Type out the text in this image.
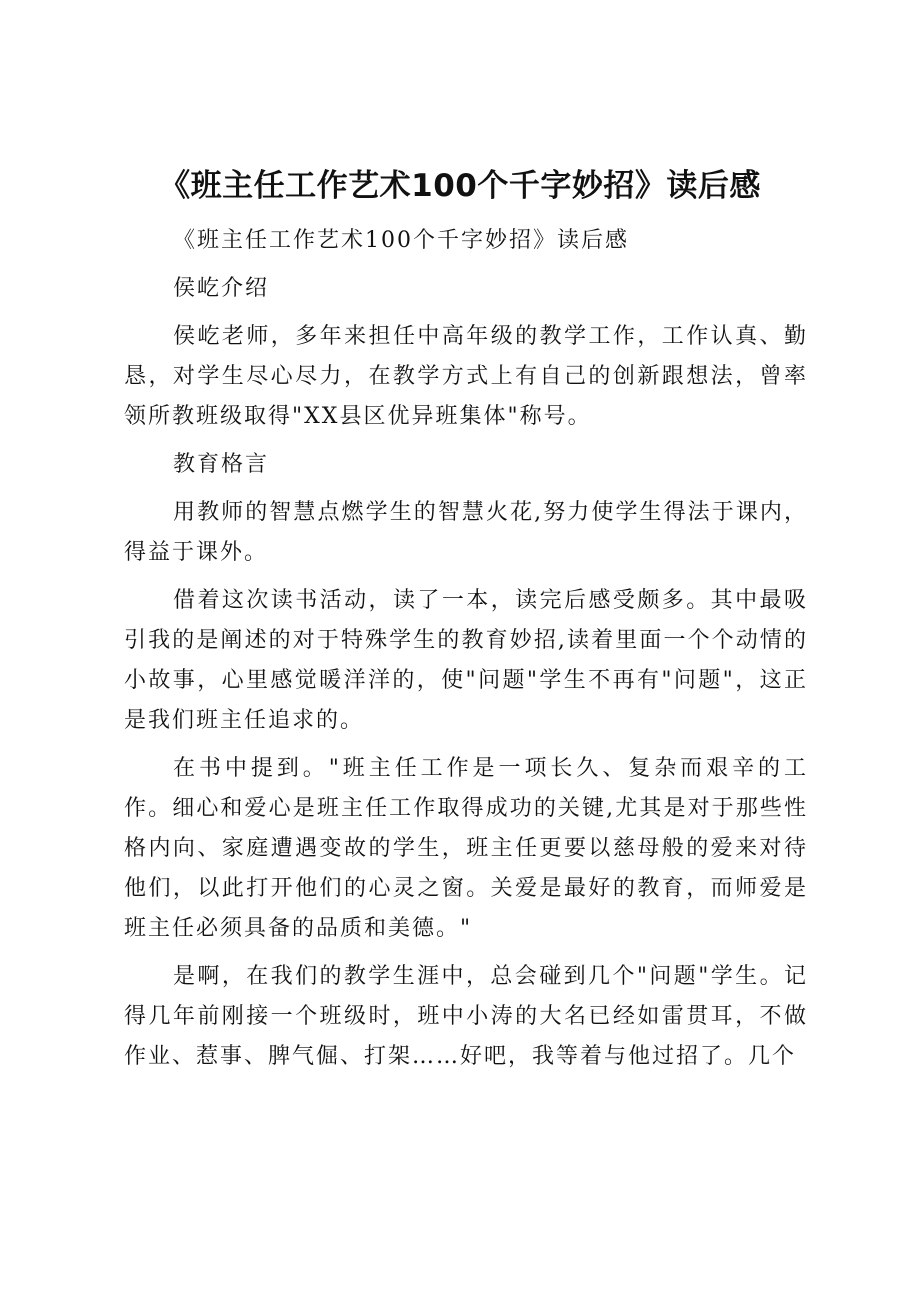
《班主任工作艺术100个千字妙招》读后感

《班主任工作艺术100个千字妙招》读后感

侯屹介绍

侯屹老师，多年来担任中高年级的教学工作，工作认真、勤恳，对学生尽心尽力，在教学方式上有自己的创新跟想法，曾率领所教班级取得"XX县区优异班集体"称号。

教育格言

用教师的智慧点燃学生的智慧火花,努力使学生得法于课内，得益于课外。

借着这次读书活动，读了一本，读完后感受颇多。其中最吸引我的是阐述的对于特殊学生的教育妙招,读着里面一个个动情的小故事，心里感觉暖洋洋的，使"问题"学生不再有"问题"，这正是我们班主任追求的。

在书中提到。"班主任工作是一项长久、复杂而艰辛的工作。细心和爱心是班主任工作取得成功的关键,尤其是对于那些性格内向、家庭遭遇变故的学生，班主任更要以慈母般的爱来对待他们，以此打开他们的心灵之窗。关爱是最好的教育，而师爱是班主任必须具备的品质和美德。"

是啊，在我们的教学生涯中，总会碰到几个"问题"学生。记得几年前刚接一个班级时，班中小涛的大名已经如雷贯耳，不做作业、惹事、脾气倔、打架……好吧，我等着与他过招了。几个
